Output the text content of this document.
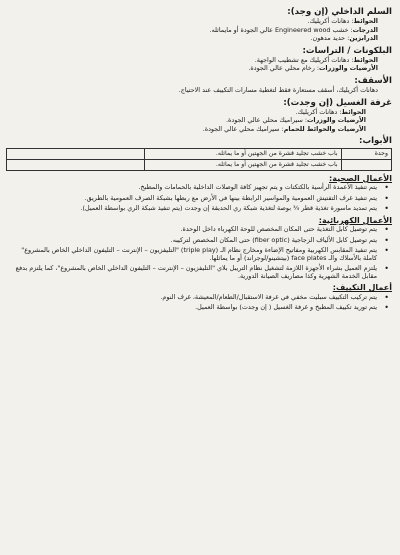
السلم الداخلي (إن وجد):
الحوائط: دهانات أكريليك.
الدرجات: خشب Engineered wood عالي الجودة أو مايماثله.
الدرابزين: حديد مدهون.
البلكونات / التراسات:
الحوائط: دهانات أكريليك مع تشطيب الواجهة.
الأرضيات والوزرات: رخام محلي عالي الجودة.
الأسقف:
دهانات أكريليك، أسقف مستعارة فقط لتغطية مسارات التكييف عند الاحتياج.
غرفة الغسيل (إن وجدت):
الحوائط: دهانات أكريليك.
الأرضيات والوزرات: سيراميك محلي عالي الجودة.
الأرضيات والحوائط للحمام: سيراميك محلي عالي الجودة.
الأبواب:
وحدة	باب خشب تجليد قشرة من الجهتين أو ما يماثله.	
	باب خشب تجليد قشرة من الجهتين أو ما يماثله.	
الأعمال الصحية:
• يتم تنفيذ الأعمدة الرأسية بالكتكتات و يتم تجهيز كافة الوصلات الداخلية بالحمامات والمطبخ.
• يتم تنفيذ غرف التفتيش العمومية والمواسير الرابطة بينها في الأرض مع ربطها بشبكة الصرف العمومية بالطريق.
• يتم تمديد ماسورة تغذية قطر ¾ بوصة لتغذية شبكة ري الحديقة إن وجدت (يتم تنفيذ شبكة الري بواسطة العميل).
الأعمال الكهربائية:
• يتم توصيل كابل التغذية حتى المكان المخصص للوحة الكهرباء داخل الوحدة.
• يتم توصيل كابل الألياف الزجاجية (fiber optic) حتى المكان المخصص لتركيبه.
• يتم تنفيذ المقابس الكهربية ومفاتيح الإضاءة ومخارج نظام الـ (triple play) "التليفزيون – الإنترنت – التليفون الداخلي الخاص بالمشروع" كاملة بالأسلاك والـ face plates (بيتشينو/لوجراند) أو ما يماثلها.
• يلتزم العميل بشراء الأجهزة اللازمة لتشغيل نظام التريبل بلاي "التليفزيون – الإنترنت – التليفون الداخلي الخاص بالمشروع"، كما يلتزم بدفع مقابل الخدمة الشهرية وكذا مصاريف الصيانة الدورية.
أعمال التكييف:
• يتم تركيب التكييف سبليت مخفي في غرفة الاستقبال/الطعام/المعيشة، غرف النوم.
• يتم توريد تكييف المطبخ و غرفة الغسيل ( إن وجدت) بواسطة العميل.
